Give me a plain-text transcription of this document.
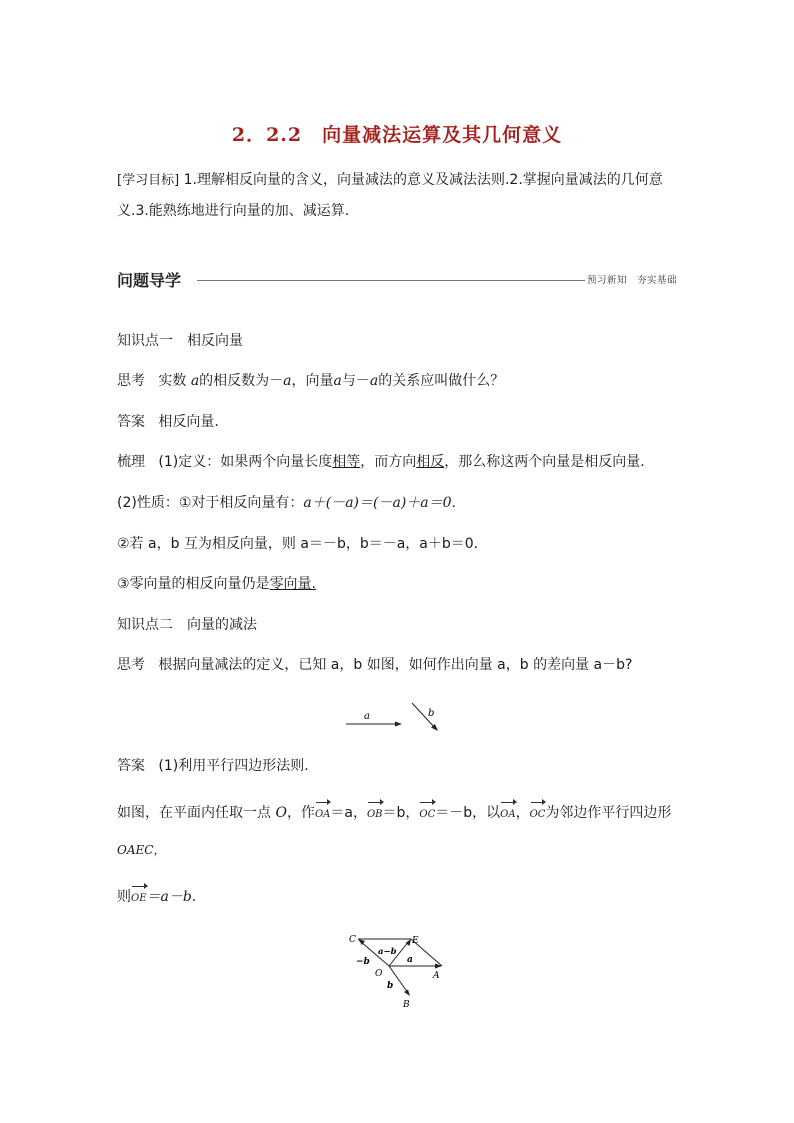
2．2.2　向量减法运算及其几何意义
[学习目标] 1.理解相反向量的含义，向量减法的意义及减法法则.2.掌握向量减法的几何意
义.3.能熟练地进行向量的加、减运算.
问题导学	预习新知　夯实基础
知识点一　相反向量
思考 实数 a的相反数为－a，向量a与－a的关系应叫做什么？
答案 相反向量.
梳理 (1)定义：如果两个向量长度相等，而方向相反，那么称这两个向量是相反向量.
(2)性质：①对于相反向量有：a＋(－a)＝(－a)＋a＝0.
②若 a，b 互为相反向量，则 a＝－b，b＝－a，a＋b＝0.
③零向量的相反向量仍是零向量.
知识点二　向量的减法
思考 根据向量减法的定义，已知 a，b 如图，如何作出向量 a，b 的差向量 a－b?
a	b
答案 (1)利用平行四边形法则.
如图，在平面内任取一点 O，作OA＝a，OB＝b，OC＝－b，以OA，OC为邻边作平行四边形
OAEC，
则OE＝a－b.
C	E
O	A
B
a−b
a
−b
b
